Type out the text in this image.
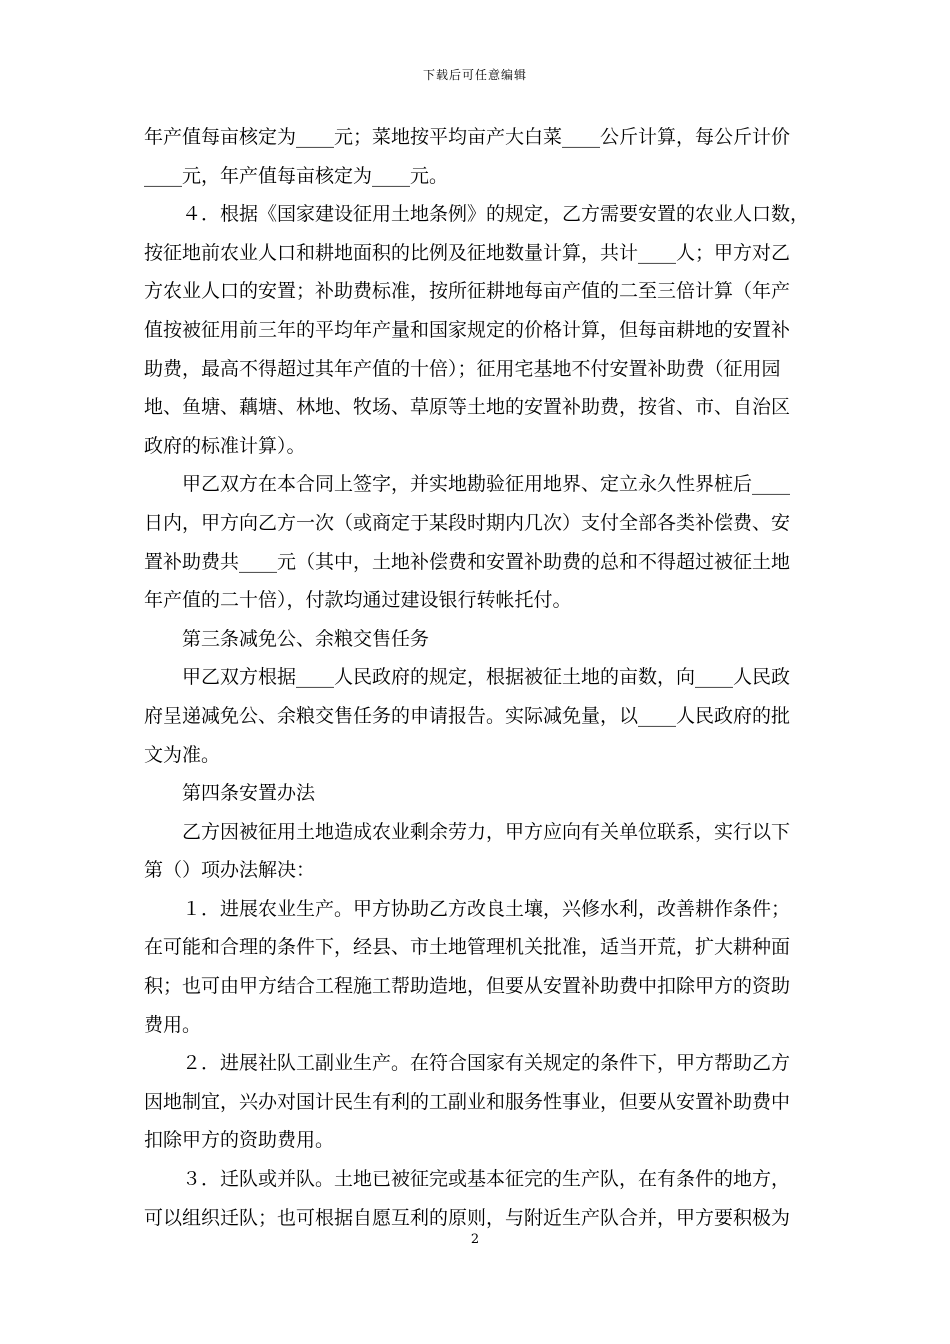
下载后可任意编辑
年产值每亩核定为____元；菜地按平均亩产大白菜____公斤计算，每公斤计价
____元，年产值每亩核定为____元。
４．根据《国家建设征用土地条例》的规定，乙方需要安置的农业人口数，
按征地前农业人口和耕地面积的比例及征地数量计算，共计____人；甲方对乙
方农业人口的安置；补助费标准，按所征耕地每亩产值的二至三倍计算（年产
值按被征用前三年的平均年产量和国家规定的价格计算，但每亩耕地的安置补
助费，最高不得超过其年产值的十倍）；征用宅基地不付安置补助费（征用园
地、鱼塘、藕塘、林地、牧场、草原等土地的安置补助费，按省、市、自治区
政府的标准计算）。
甲乙双方在本合同上签字，并实地勘验征用地界、定立永久性界桩后____
日内，甲方向乙方一次（或商定于某段时期内几次）支付全部各类补偿费、安
置补助费共____元（其中，土地补偿费和安置补助费的总和不得超过被征土地
年产值的二十倍），付款均通过建设银行转帐托付。
第三条减免公、余粮交售任务
甲乙双方根据____人民政府的规定，根据被征土地的亩数，向____人民政
府呈递减免公、余粮交售任务的申请报告。实际减免量，以____人民政府的批
文为准。
第四条安置办法
乙方因被征用土地造成农业剩余劳力，甲方应向有关单位联系，实行以下
第（）项办法解决：
１．进展农业生产。甲方协助乙方改良土壤，兴修水利，改善耕作条件；
在可能和合理的条件下，经县、市土地管理机关批准，适当开荒，扩大耕种面
积；也可由甲方结合工程施工帮助造地，但要从安置补助费中扣除甲方的资助
费用。
２．进展社队工副业生产。在符合国家有关规定的条件下，甲方帮助乙方
因地制宜，兴办对国计民生有利的工副业和服务性事业，但要从安置补助费中
扣除甲方的资助费用。
３．迁队或并队。土地已被征完或基本征完的生产队，在有条件的地方，
可以组织迁队；也可根据自愿互利的原则，与附近生产队合并，甲方要积极为
2
